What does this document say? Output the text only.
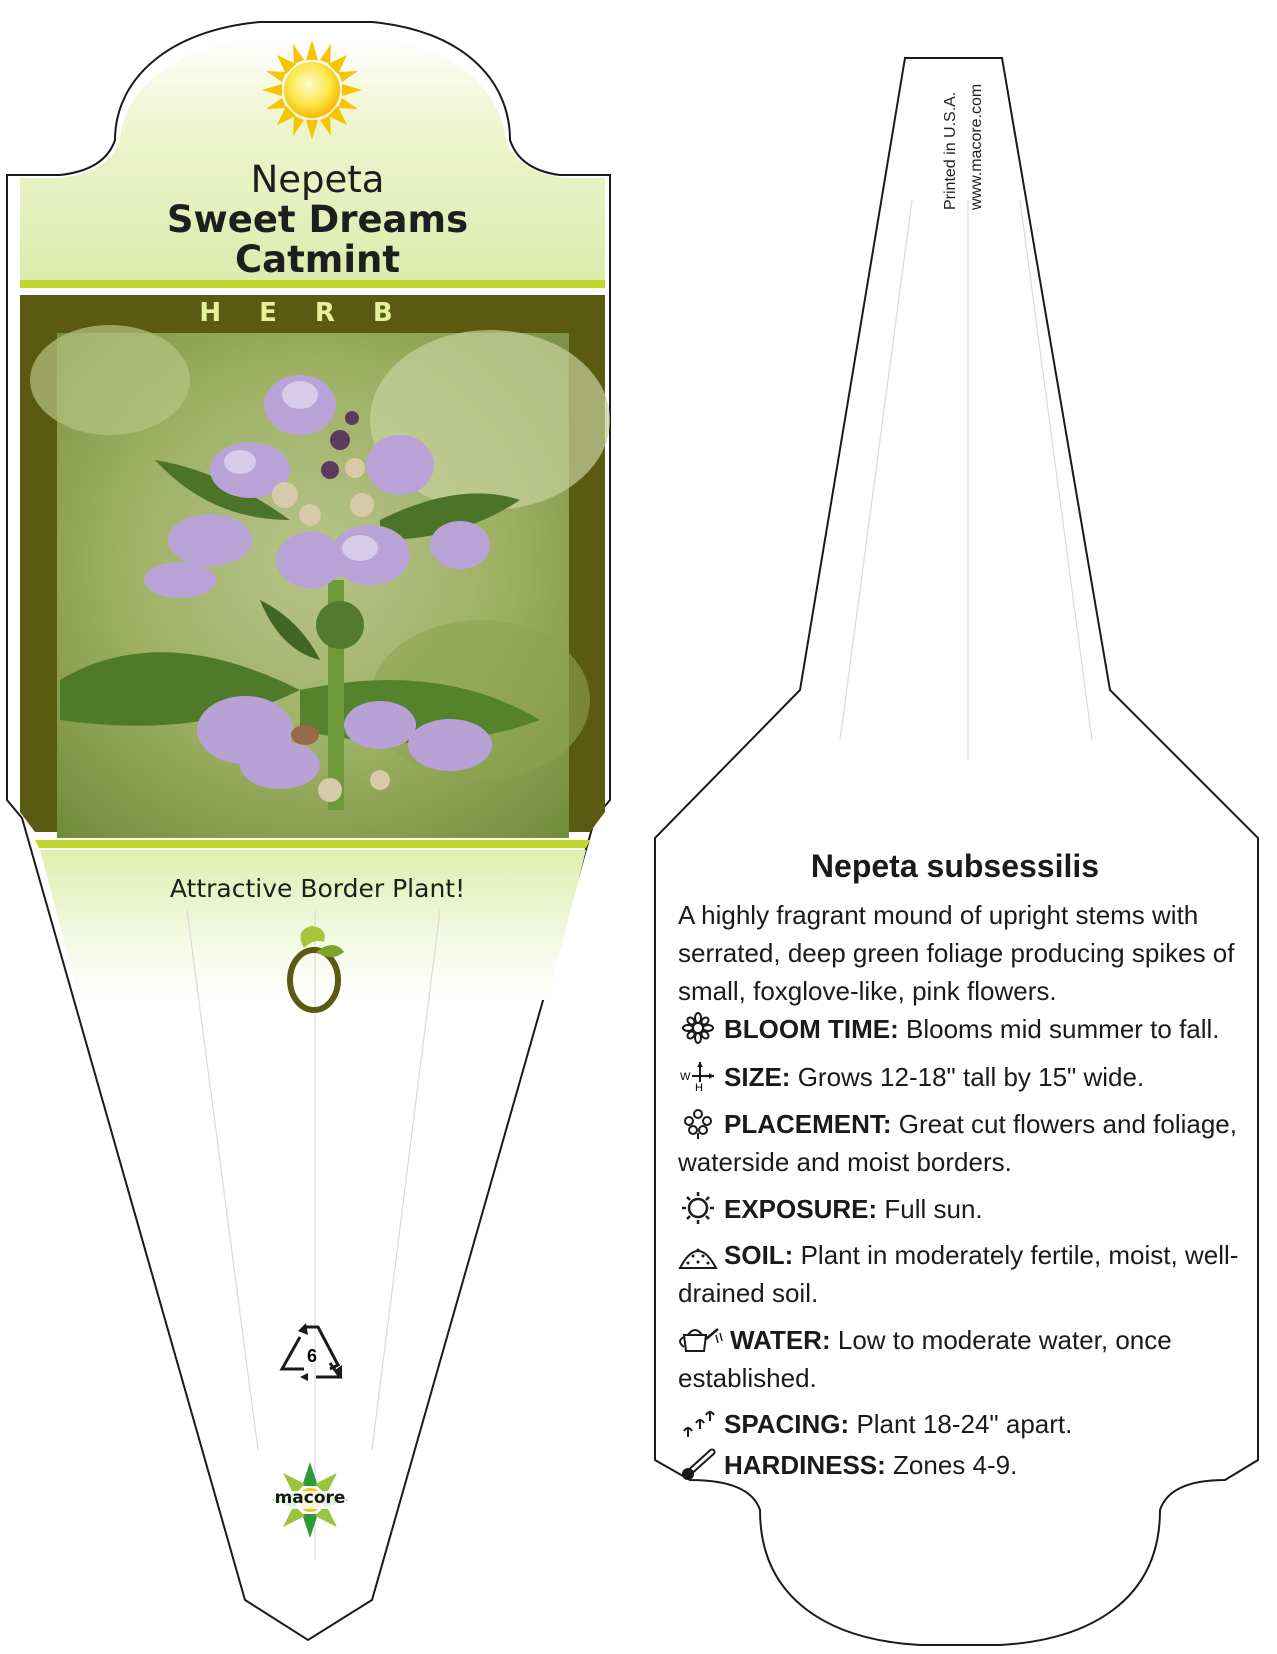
Nepeta
Sweet Dreams
Catmint
HERB
Attractive Border Plant!
6
macore
Printed in U.S.A. www.macore.com
Nepeta subsessilis
A highly fragrant mound of upright stems with serrated, deep green foliage producing spikes of small, foxglove-like, pink flowers.
BLOOM TIME: Blooms mid summer to fall.
W
H SIZE: Grows 12-18" tall by 15" wide.
PLACEMENT: Great cut flowers and foliage, waterside and moist borders.
EXPOSURE: Full sun.
SOIL: Plant in moderately fertile, moist, well-drained soil.
WATER: Low to moderate water, once established.
SPACING: Plant 18-24" apart.
HARDINESS: Zones 4-9.
